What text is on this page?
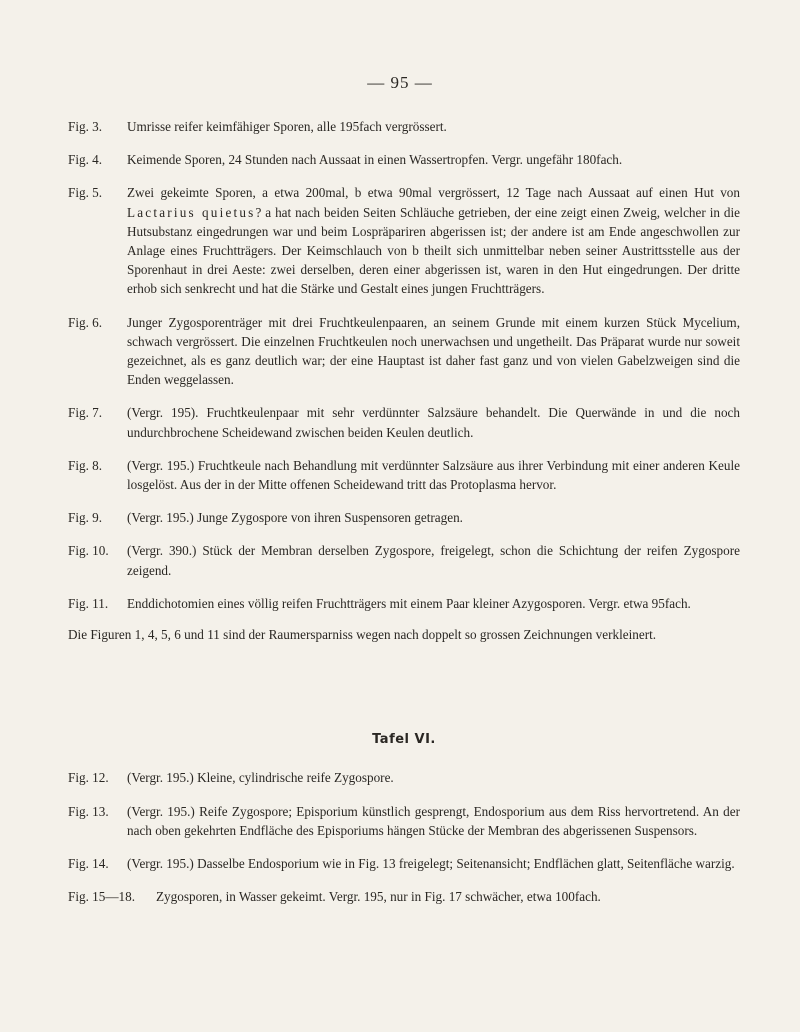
— 95 —
Fig. 3.	Umrisse reifer keimfähiger Sporen, alle 195fach vergrössert.
Fig. 4.	Keimende Sporen, 24 Stunden nach Aussaat in einen Wassertropfen. Vergr. ungefähr 180fach.
Fig. 5.	Zwei gekeimte Sporen, a etwa 200mal, b etwa 90mal vergrössert, 12 Tage nach Aussaat auf einen Hut von Lactarius quietus? a hat nach beiden Seiten Schläuche getrieben, der eine zeigt einen Zweig, welcher in die Hutsubstanz eingedrungen war und beim Lospräpariren abgerissen ist; der andere ist am Ende angeschwollen zur Anlage eines Fruchtträgers. Der Keimschlauch von b theilt sich unmittelbar neben seiner Austrittsstelle aus der Sporenhaut in drei Aeste: zwei derselben, deren einer abgerissen ist, waren in den Hut eingedrungen. Der dritte erhob sich senkrecht und hat die Stärke und Gestalt eines jungen Fruchtträgers.
Fig. 6.	Junger Zygosporenträger mit drei Fruchtkeulenpaaren, an seinem Grunde mit einem kurzen Stück Mycelium, schwach vergrössert. Die einzelnen Fruchtkeulen noch unerwachsen und ungetheilt. Das Präparat wurde nur soweit gezeichnet, als es ganz deutlich war; der eine Hauptast ist daher fast ganz und von vielen Gabelzweigen sind die Enden weggelassen.
Fig. 7.	(Vergr. 195). Fruchtkeulenpaar mit sehr verdünnter Salzsäure behandelt. Die Querwände in und die noch undurchbrochene Scheidewand zwischen beiden Keulen deutlich.
Fig. 8.	(Vergr. 195.) Fruchtkeule nach Behandlung mit verdünnter Salzsäure aus ihrer Verbindung mit einer anderen Keule losgelöst. Aus der in der Mitte offenen Scheidewand tritt das Protoplasma hervor.
Fig. 9.	(Vergr. 195.) Junge Zygospore von ihren Suspensoren getragen.
Fig. 10.	(Vergr. 390.) Stück der Membran derselben Zygospore, freigelegt, schon die Schichtung der reifen Zygospore zeigend.
Fig. 11.	Enddichotomien eines völlig reifen Fruchtträgers mit einem Paar kleiner Azygosporen. Vergr. etwa 95fach.
Die Figuren 1, 4, 5, 6 und 11 sind der Raumersparniss wegen nach doppelt so grossen Zeichnungen verkleinert.
Tafel VI.
Fig. 12.	(Vergr. 195.) Kleine, cylindrische reife Zygospore.
Fig. 13.	(Vergr. 195.) Reife Zygospore; Episporium künstlich gesprengt, Endosporium aus dem Riss hervortretend. An der nach oben gekehrten Endfläche des Episporiums hängen Stücke der Membran des abgerissenen Suspensors.
Fig. 14.	(Vergr. 195.) Dasselbe Endosporium wie in Fig. 13 freigelegt; Seitenansicht; Endflächen glatt, Seitenfläche warzig.
Fig. 15—18. Zygosporen, in Wasser gekeimt. Vergr. 195, nur in Fig. 17 schwächer, etwa 100fach.
